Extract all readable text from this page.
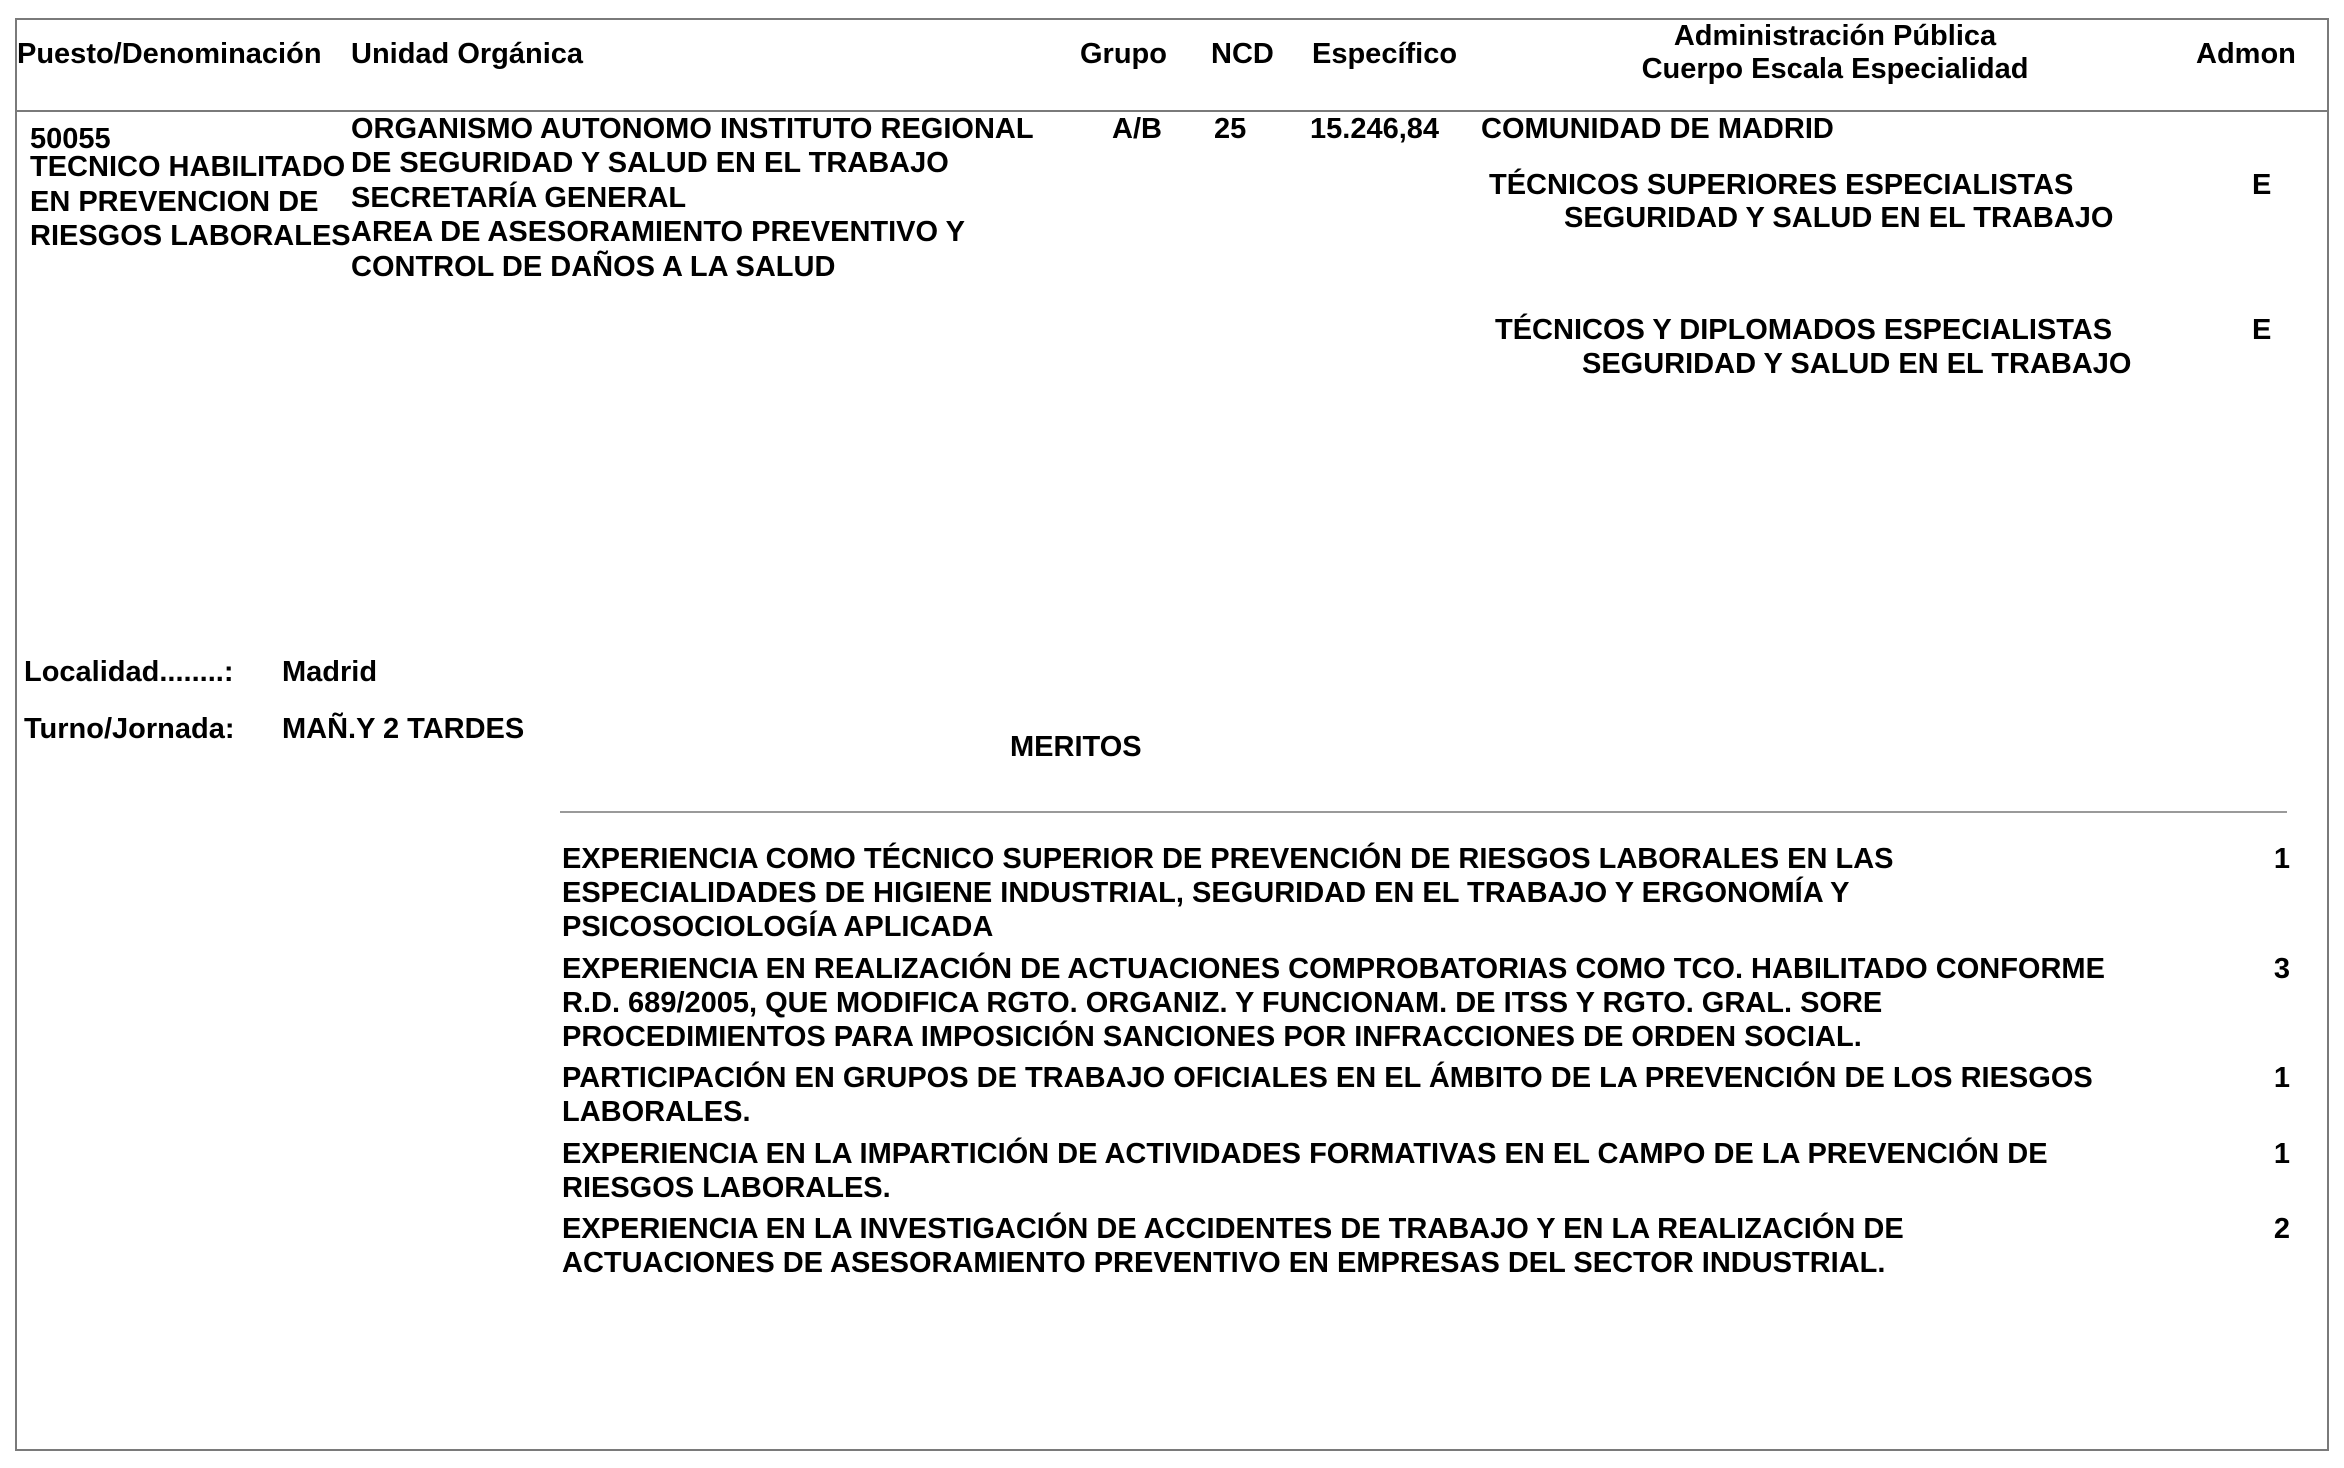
Puesto/Denominación Unidad Orgánica	Grupo NCD Específico
Administración Pública
Cuerpo Escala Especialidad	Admon
50055
TECNICO HABILITADO
EN PREVENCION DE
RIESGOS LABORALES
ORGANISMO AUTONOMO INSTITUTO REGIONAL
DE SEGURIDAD Y SALUD EN EL TRABAJO
SECRETARÍA GENERAL
AREA DE ASESORAMIENTO PREVENTIVO Y
CONTROL DE DAÑOS A LA SALUD
A/B 25 15.246,84 COMUNIDAD DE MADRID
TÉCNICOS SUPERIORES ESPECIALISTAS
SEGURIDAD Y SALUD EN EL TRABAJO
E
TÉCNICOS Y DIPLOMADOS ESPECIALISTAS
SEGURIDAD Y SALUD EN EL TRABAJO
E
Localidad........: Madrid
Turno/Jornada: MAÑ.Y 2 TARDES
MERITOS
EXPERIENCIA COMO TÉCNICO SUPERIOR DE PREVENCIÓN DE RIESGOS LABORALES EN LAS ESPECIALIDADES DE HIGIENE INDUSTRIAL, SEGURIDAD EN EL TRABAJO Y ERGONOMÍA Y PSICOSOCIOLOGÍA APLICADA
1
EXPERIENCIA EN REALIZACIÓN DE ACTUACIONES COMPROBATORIAS COMO TCO. HABILITADO CONFORME R.D. 689/2005, QUE MODIFICA RGTO. ORGANIZ. Y FUNCIONAM. DE ITSS Y RGTO. GRAL. SORE PROCEDIMIENTOS PARA IMPOSICIÓN SANCIONES POR INFRACCIONES DE ORDEN SOCIAL.
3
PARTICIPACIÓN EN GRUPOS DE TRABAJO OFICIALES EN EL ÁMBITO DE LA PREVENCIÓN DE LOS RIESGOS LABORALES.
1
EXPERIENCIA EN LA IMPARTICIÓN DE ACTIVIDADES FORMATIVAS EN EL CAMPO DE LA PREVENCIÓN DE RIESGOS LABORALES.
1
EXPERIENCIA EN LA INVESTIGACIÓN DE ACCIDENTES DE TRABAJO Y EN LA REALIZACIÓN DE ACTUACIONES DE ASESORAMIENTO PREVENTIVO EN EMPRESAS DEL SECTOR INDUSTRIAL.
2
